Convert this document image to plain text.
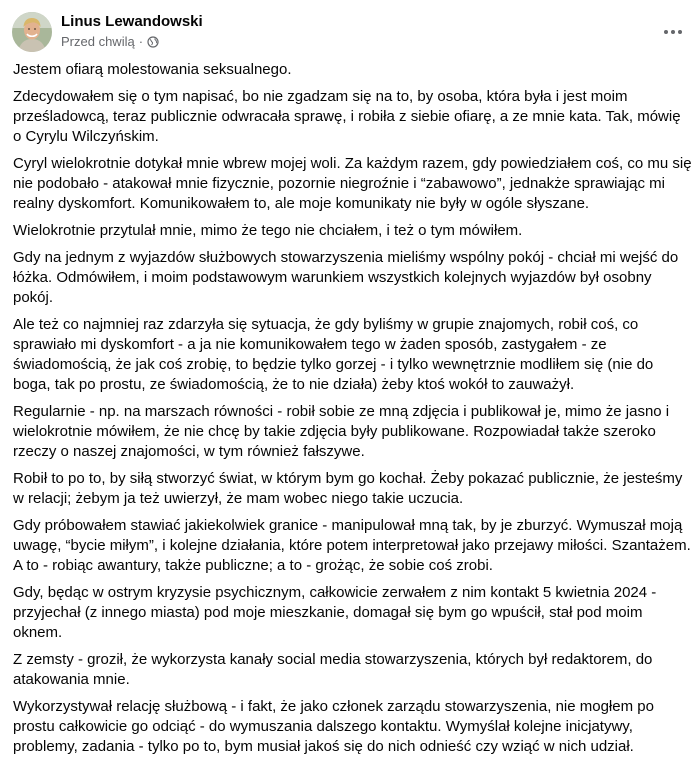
Linus Lewandowski
Przed chwilą ·

Jestem ofiarą molestowania seksualnego.

Zdecydowałem się o tym napisać, bo nie zgadzam się na to, by osoba, która była i jest moim prześladowcą, teraz publicznie odwracała sprawę, i robiła z siebie ofiarę, a ze mnie kata. Tak, mówię o Cyrylu Wilczyńskim.

Cyryl wielokrotnie dotykał mnie wbrew mojej woli. Za każdym razem, gdy powiedziałem coś, co mu się nie podobało - atakował mnie fizycznie, pozornie niegroźnie i “zabawowo”, jednakże sprawiając mi realny dyskomfort. Komunikowałem to, ale moje komunikaty nie były w ogóle słyszane.

Wielokrotnie przytulał mnie, mimo że tego nie chciałem, i też o tym mówiłem.

Gdy na jednym z wyjazdów służbowych stowarzyszenia mieliśmy wspólny pokój - chciał mi wejść do łóżka. Odmówiłem, i moim podstawowym warunkiem wszystkich kolejnych wyjazdów był osobny pokój.

Ale też co najmniej raz zdarzyła się sytuacja, że gdy byliśmy w grupie znajomych, robił coś, co sprawiało mi dyskomfort - a ja nie komunikowałem tego w żaden sposób, zastygałem - ze świadomością, że jak coś zrobię, to będzie tylko gorzej - i tylko wewnętrznie modliłem się (nie do boga, tak po prostu, ze świadomością, że to nie działa) żeby ktoś wokół to zauważył.

Regularnie - np. na marszach równości - robił sobie ze mną zdjęcia i publikował je, mimo że jasno i wielokrotnie mówiłem, że nie chcę by takie zdjęcia były publikowane. Rozpowiadał także szeroko rzeczy o naszej znajomości, w tym również fałszywe.

Robił to po to, by siłą stworzyć świat, w którym bym go kochał. Żeby pokazać publicznie, że jesteśmy w relacji; żebym ja też uwierzył, że mam wobec niego takie uczucia.

Gdy próbowałem stawiać jakiekolwiek granice - manipulował mną tak, by je zburzyć. Wymuszał moją uwagę, “bycie miłym”, i kolejne działania, które potem interpretował jako przejawy miłości. Szantażem. A to - robiąc awantury, także publiczne; a to - grożąc, że sobie coś zrobi.

Gdy, będąc w ostrym kryzysie psychicznym, całkowicie zerwałem z nim kontakt 5 kwietnia 2024 - przyjechał (z innego miasta) pod moje mieszkanie, domagał się bym go wpuścił, stał pod moim oknem.

Z zemsty - groził, że wykorzysta kanały social media stowarzyszenia, których był redaktorem, do atakowania mnie.

Wykorzystywał relację służbową - i fakt, że jako członek zarządu stowarzyszenia, nie mogłem po prostu całkowicie go odciąć - do wymuszania dalszego kontaktu. Wymyślał kolejne inicjatywy, problemy, zadania - tylko po to, bym musiał jakoś się do nich odnieść czy wziąć w nich udział.
